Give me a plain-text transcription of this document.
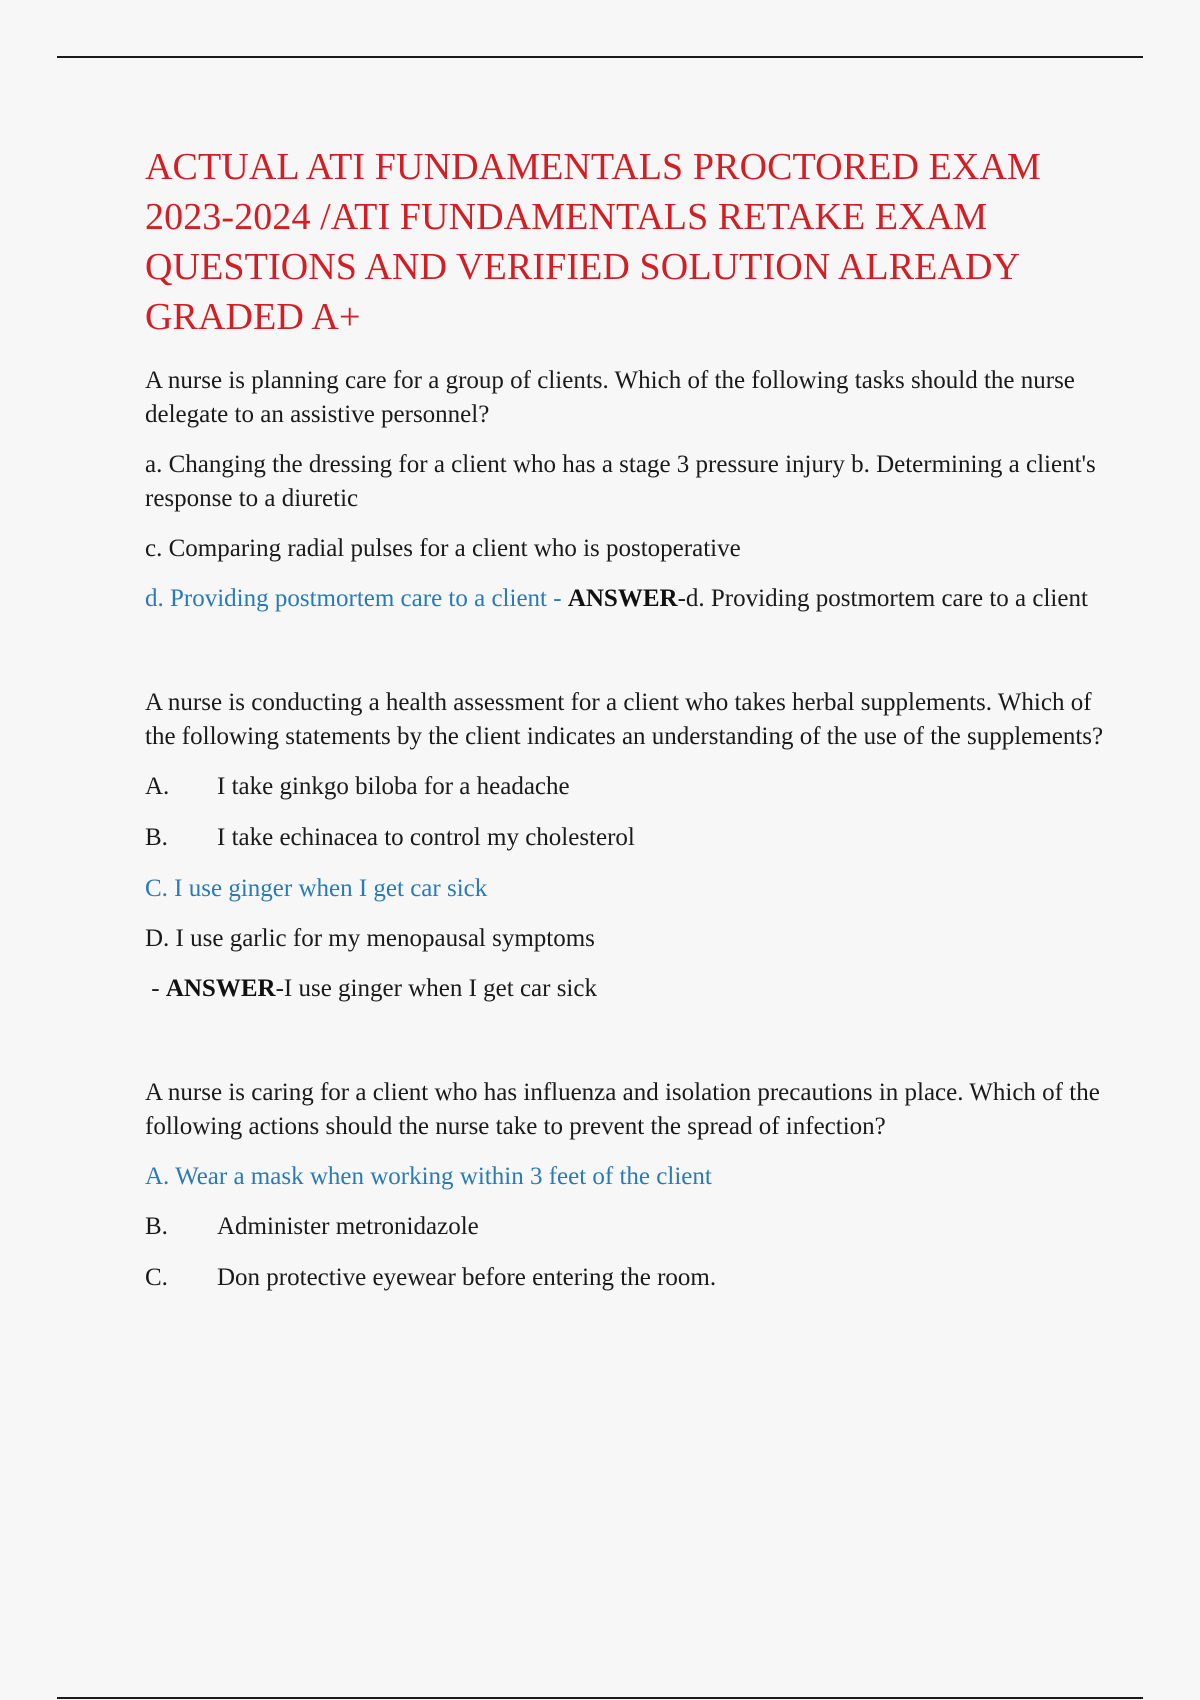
ACTUAL ATI FUNDAMENTALS PROCTORED EXAM 2023-2024 /ATI FUNDAMENTALS RETAKE EXAM QUESTIONS AND VERIFIED SOLUTION ALREADY GRADED A+

A nurse is planning care for a group of clients. Which of the following tasks should the nurse delegate to an assistive personnel?

a. Changing the dressing for a client who has a stage 3 pressure injury b. Determining a client's response to a diuretic

c. Comparing radial pulses for a client who is postoperative

d. Providing postmortem care to a client - ANSWER-d. Providing postmortem care to a client

A nurse is conducting a health assessment for a client who takes herbal supplements. Which of the following statements by the client indicates an understanding of the use of the supplements?

A.	I take ginkgo biloba for a headache
B.	I take echinacea to control my cholesterol

C. I use ginger when I get car sick

D. I use garlic for my menopausal symptoms

- ANSWER-I use ginger when I get car sick

A nurse is caring for a client who has influenza and isolation precautions in place. Which of the following actions should the nurse take to prevent the spread of infection?

A. Wear a mask when working within 3 feet of the client

B.	Administer metronidazole
C.	Don protective eyewear before entering the room.
